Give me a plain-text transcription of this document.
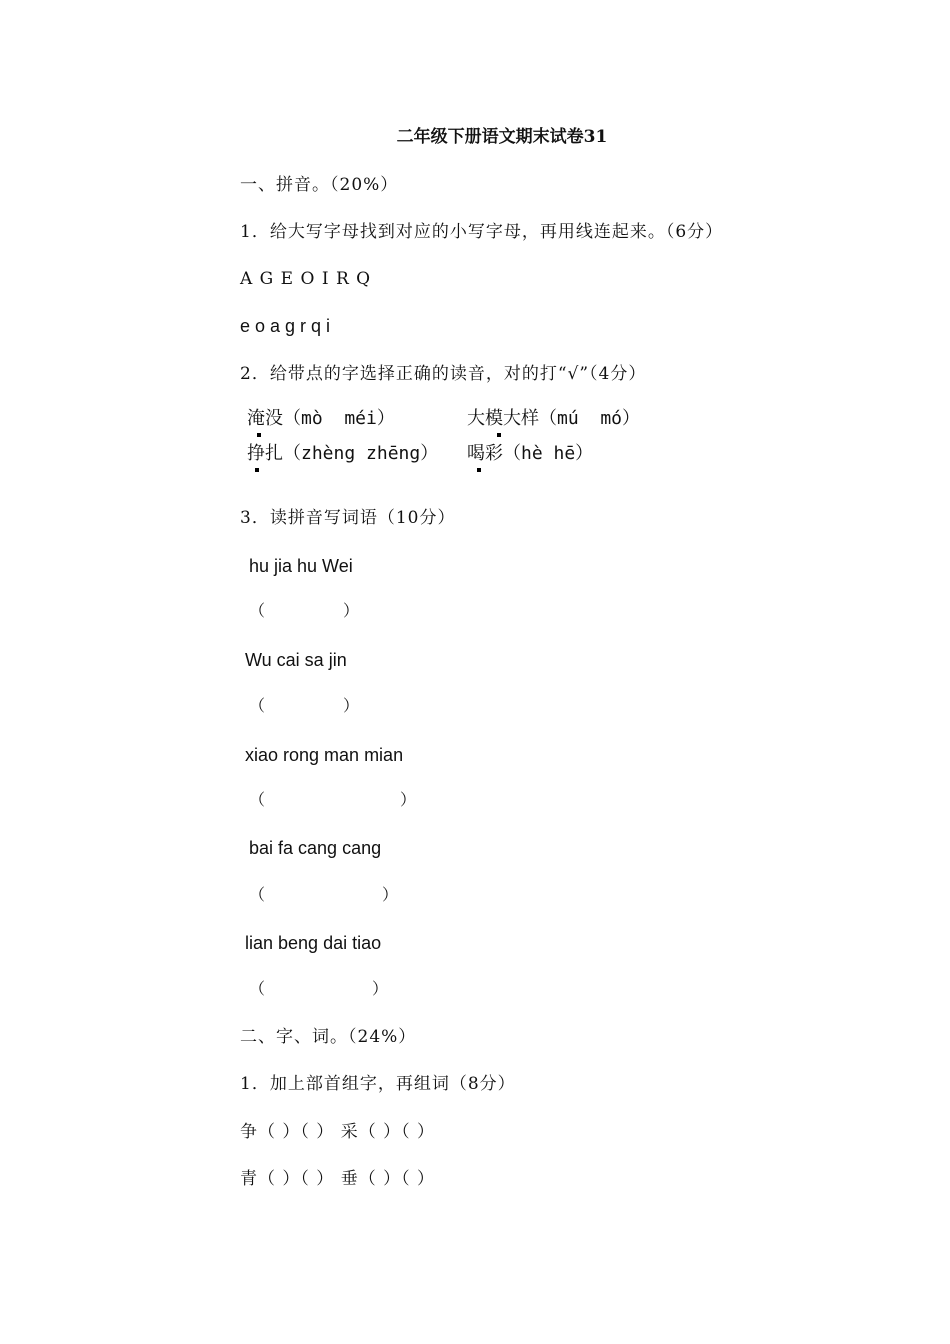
二年级下册语文期末试卷31
一、拼音。（20%）
1．给大写字母找到对应的小写字母，再用线连起来。（6分）
A G E O I R Q
e o a g r q i
2．给带点的字选择正确的读音，对的打“√”（4分）
淹没（mò  méi）	大模大样（mú  mó）
挣扎（zhèng zhēng） 喝彩（hè hē）
3．读拼音写词语（10分）
hu jia hu Wei
（	）
Wu cai sa jin
（	）
xiao rong man mian
（	）
bai fa cang cang
（	）
lian beng dai tiao
（	）
二、字、词。（24%）
1．加上部首组字，再组词（8分）
争（ ）（ ） 采（ ）（ ）
青（ ）（ ） 垂（ ）（ ）
